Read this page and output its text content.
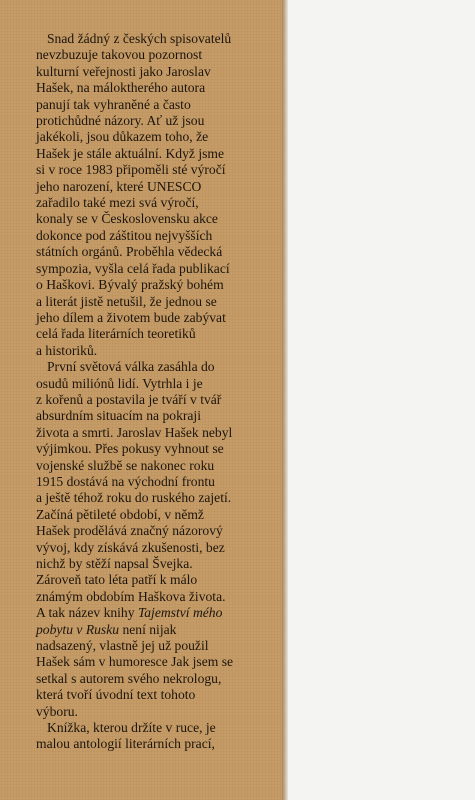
Snad žádný z českých spisovatelů
nevzbuzuje takovou pozornost
kulturní veřejnosti jako Jaroslav
Hašek, na máloktherého autora
panují tak vyhraněné a často
protichůdné názory. Ať už jsou
jakékoli, jsou důkazem toho, že
Hašek je stále aktuální. Když jsme
si v roce 1983 připoměli sté výročí
jeho narození, které UNESCO
zařadilo také mezi svá výročí,
konaly se v Československu akce
dokonce pod záštitou nejvyšších
státních orgánů. Proběhla vědecká
sympozia, vyšla celá řada publikací
o Haškovi. Bývalý pražský bohém
a literát jistě netušil, že jednou se
jeho dílem a životem bude zabývat
celá řada literárních teoretiků
a historiků.
První světová válka zasáhla do
osudů miliónů lidí. Vytrhla i je
z kořenů a postavila je tváří v tvář
absurdním situacím na pokraji
života a smrti. Jaroslav Hašek nebyl
výjimkou. Přes pokusy vyhnout se
vojenské službě se nakonec roku
1915 dostává na východní frontu
a ještě téhož roku do ruského zajetí.
Začíná pětileté období, v němž
Hašek prodělává značný názorový
vývoj, kdy získává zkušenosti, bez
nichž by stěží napsal Švejka.
Zároveň tato léta patří k málo
známým obdobím Haškova života.
A tak název knihy Tajemství mého
pobytu v Rusku není nijak
nadsazený, vlastně jej už použil
Hašek sám v humoresce Jak jsem se
setkal s autorem svého nekrologu,
která tvoří úvodní text tohoto
výboru.
Knížka, kterou držíte v ruce, je
malou antologií literárních prací,
